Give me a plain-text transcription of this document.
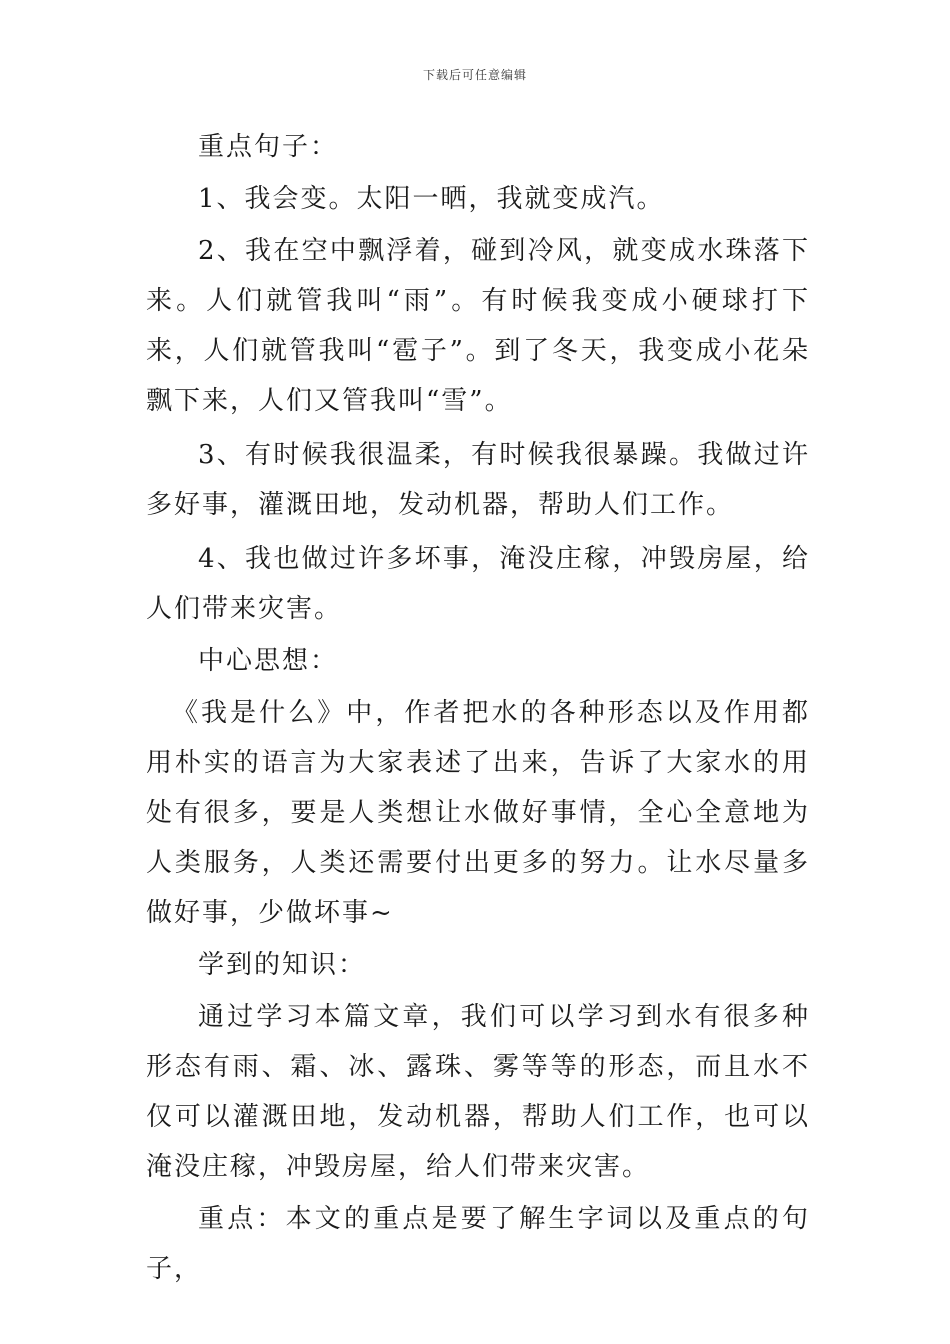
下载后可任意编辑

重点句子：

1、我会变。太阳一晒，我就变成汽。

2、我在空中飘浮着，碰到冷风，就变成水珠落下来。人们就管我叫“雨”。有时候我变成小硬球打下来，人们就管我叫“雹子”。到了冬天，我变成小花朵飘下来，人们又管我叫“雪”。

3、有时候我很温柔，有时候我很暴躁。我做过许多好事，灌溉田地，发动机器，帮助人们工作。

4、我也做过许多坏事，淹没庄稼，冲毁房屋，给人们带来灾害。

中心思想：

《我是什么》中，作者把水的各种形态以及作用都用朴实的语言为大家表述了出来，告诉了大家水的用处有很多，要是人类想让水做好事情，全心全意地为人类服务，人类还需要付出更多的努力。让水尽量多做好事，少做坏事~

学到的知识：

通过学习本篇文章，我们可以学习到水有很多种形态有雨、霜、冰、露珠、雾等等的形态，而且水不仅可以灌溉田地，发动机器，帮助人们工作，也可以淹没庄稼，冲毁房屋，给人们带来灾害。

重点：本文的重点是要了解生字词以及重点的句子，
